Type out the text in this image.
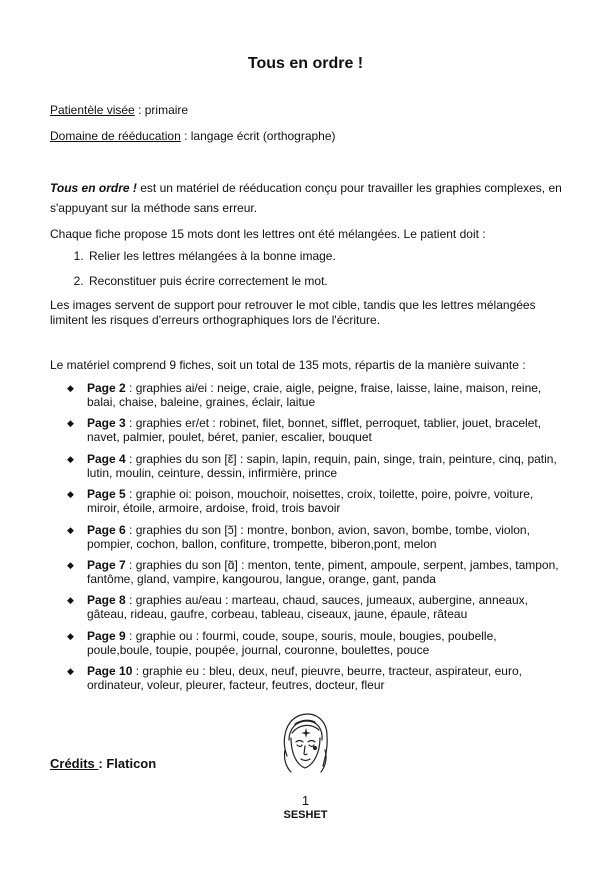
Tous en ordre !
Patientèle visée : primaire
Domaine de rééducation : langage écrit (orthographe)
Tous en ordre ! est un matériel de rééducation conçu pour travailler les graphies complexes, en s'appuyant sur la méthode sans erreur.
Chaque fiche propose 15 mots dont les lettres ont été mélangées. Le patient doit :
1. Relier les lettres mélangées à la bonne image.
2. Reconstituer puis écrire correctement le mot.
Les images servent de support pour retrouver le mot cible, tandis que les lettres mélangées limitent les risques d'erreurs orthographiques lors de l'écriture.
Le matériel comprend 9 fiches, soit un total de 135 mots, répartis de la manière suivante :
◆ Page 2 : graphies ai/ei : neige, craie, aigle, peigne, fraise, laisse, laine, maison, reine, balai, chaise, baleine, graines, éclair, laitue
◆ Page 3 : graphies er/et : robinet, filet, bonnet, sifflet, perroquet, tablier, jouet, bracelet, navet, palmier, poulet, béret, panier, escalier, bouquet
◆ Page 4 : graphies du son [ɛ̃] : sapin, lapin, requin, pain, singe, train, peinture, cinq, patin, lutin, moulin, ceinture, dessin, infirmière, prince
◆ Page 5 : graphie oi: poison, mouchoir, noisettes, croix, toilette, poire, poivre, voiture, miroir, étoile, armoire, ardoise, froid, trois bavoir
◆ Page 6 : graphies du son [ɔ̃] : montre, bonbon, avion, savon, bombe, tombe, violon, pompier, cochon, ballon, confiture, trompette, biberon,pont, melon
◆ Page 7 : graphies du son [ɑ̃] : menton, tente, piment, ampoule, serpent, jambes, tampon, fantôme, gland, vampire, kangourou, langue, orange, gant, panda
◆ Page 8 : graphies au/eau : marteau, chaud, sauces, jumeaux, aubergine, anneaux, gâteau, rideau, gaufre, corbeau, tableau, ciseaux, jaune, épaule, râteau
◆ Page 9 : graphie ou : fourmi, coude, soupe, souris, moule, bougies, poubelle, poule,boule, toupie, poupée, journal, couronne, boulettes, pouce
◆ Page 10 : graphie eu : bleu, deux, neuf, pieuvre, beurre, tracteur, aspirateur, euro, ordinateur, voleur, pleurer, facteur, feutres, docteur, fleur
Crédits : Flaticon
1
SESHET
